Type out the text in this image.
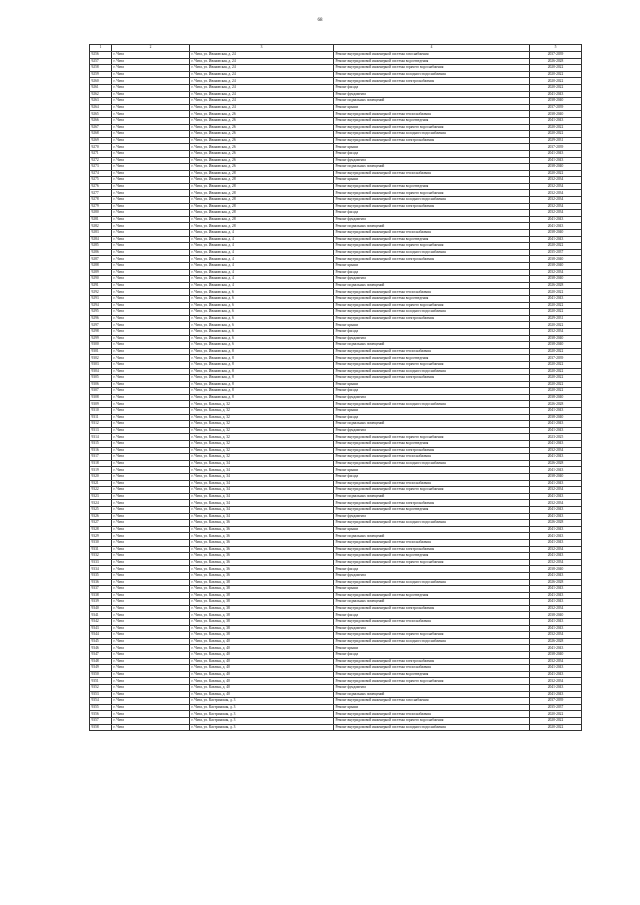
68
1	2	3	4	5
9256	г. Чита	г. Чита, ул. Ивановская, д. 24	Ремонт внутридомовой инженерной системы газоснабжения	2037-2039
9257	г. Чита	г. Чита, ул. Ивановская, д. 24	Ремонт внутридомовой инженерной системы водоотведения	2026-2028
9258	г. Чита	г. Чита, ул. Ивановская, д. 24	Ремонт внутридомовой инженерной системы горячего водоснабжения	2020-2022
9259	г. Чита	г. Чита, ул. Ивановская, д. 24	Ремонт внутридомовой инженерной системы холодного водоснабжения	2020-2022
9260	г. Чита	г. Чита, ул. Ивановская, д. 24	Ремонт внутридомовой инженерной системы электроснабжения	2020-2022
9261	г. Чита	г. Чита, ул. Ивановская, д. 24	Ремонт фасада	2020-2022
9262	г. Чита	г. Чита, ул. Ивановская, д. 24	Ремонт фундамента	2041-2043
9263	г. Чита	г. Чита, ул. Ивановская, д. 24	Ремонт подвальных помещений	2038-2040
9264	г. Чита	г. Чита, ул. Ивановская, д. 24	Ремонт крыши	2037-2039
9265	г. Чита	г. Чита, ул. Ивановская, д. 26	Ремонт внутридомовой инженерной системы теплоснабжения	2038-2040
9266	г. Чита	г. Чита, ул. Ивановская, д. 26	Ремонт внутридомовой инженерной системы водоотведения	2041-2043
9267	г. Чита	г. Чита, ул. Ивановская, д. 26	Ремонт внутридомовой инженерной системы горячего водоснабжения	2020-2022
9268	г. Чита	г. Чита, ул. Ивановская, д. 26	Ремонт внутридомовой инженерной системы холодного водоснабжения	2020-2022
9269	г. Чита	г. Чита, ул. Ивановская, д. 26	Ремонт внутридомовой инженерной системы электроснабжения	2029-2031
9270	г. Чита	г. Чита, ул. Ивановская, д. 26	Ремонт крыши	2037-2039
9271	г. Чита	г. Чита, ул. Ивановская, д. 26	Ремонт фасада	2041-2043
9272	г. Чита	г. Чита, ул. Ивановская, д. 26	Ремонт фундамента	2041-2043
9273	г. Чита	г. Чита, ул. Ивановская, д. 26	Ремонт подвальных помещений	2038-2040
9274	г. Чита	г. Чита, ул. Ивановская, д. 28	Ремонт внутридомовой инженерной системы теплоснабжения	2020-2022
9275	г. Чита	г. Чита, ул. Ивановская, д. 28	Ремонт крыши	2032-2034
9276	г. Чита	г. Чита, ул. Ивановская, д. 28	Ремонт внутридомовой инженерной системы водоотведения	2032-2034
9277	г. Чита	г. Чита, ул. Ивановская, д. 28	Ремонт внутридомовой инженерной системы горячего водоснабжения	2032-2034
9278	г. Чита	г. Чита, ул. Ивановская, д. 28	Ремонт внутридомовой инженерной системы холодного водоснабжения	2032-2034
9279	г. Чита	г. Чита, ул. Ивановская, д. 28	Ремонт внутридомовой инженерной системы электроснабжения	2032-2034
9280	г. Чита	г. Чита, ул. Ивановская, д. 28	Ремонт фасада	2032-2034
9281	г. Чита	г. Чита, ул. Ивановская, д. 28	Ремонт фундамента	2041-2043
9282	г. Чита	г. Чита, ул. Ивановская, д. 28	Ремонт подвальных помещений	2041-2043
9283	г. Чита	г. Чита, ул. Ивановская, д. 4	Ремонт внутридомовой инженерной системы теплоснабжения	2038-2040
9284	г. Чита	г. Чита, ул. Ивановская, д. 4	Ремонт внутридомовой инженерной системы водоотведения	2041-2043
9285	г. Чита	г. Чита, ул. Ивановская, д. 4	Ремонт внутридомовой инженерной системы горячего водоснабжения	2020-2022
9286	г. Чита	г. Чита, ул. Ивановская, д. 4	Ремонт внутридомовой инженерной системы холодного водоснабжения	2035-2037
9287	г. Чита	г. Чита, ул. Ивановская, д. 4	Ремонт внутридомовой инженерной системы электроснабжения	2038-2040
9288	г. Чита	г. Чита, ул. Ивановская, д. 4	Ремонт крыши	2038-2040
9289	г. Чита	г. Чита, ул. Ивановская, д. 4	Ремонт фасада	2032-2034
9290	г. Чита	г. Чита, ул. Ивановская, д. 4	Ремонт фундамента	2038-2040
9291	г. Чита	г. Чита, ул. Ивановская, д. 4	Ремонт подвальных помещений	2026-2028
9292	г. Чита	г. Чита, ул. Ивановская, д. 6	Ремонт внутридомовой инженерной системы теплоснабжения	2020-2022
9293	г. Чита	г. Чита, ул. Ивановская, д. 6	Ремонт внутридомовой инженерной системы водоотведения	2041-2043
9294	г. Чита	г. Чита, ул. Ивановская, д. 6	Ремонт внутридомовой инженерной системы горячего водоснабжения	2020-2022
9295	г. Чита	г. Чита, ул. Ивановская, д. 6	Ремонт внутридомовой инженерной системы холодного водоснабжения	2020-2022
9296	г. Чита	г. Чита, ул. Ивановская, д. 6	Ремонт внутридомовой инженерной системы электроснабжения	2029-2031
9297	г. Чита	г. Чита, ул. Ивановская, д. 6	Ремонт крыши	2020-2022
9298	г. Чита	г. Чита, ул. Ивановская, д. 6	Ремонт фасада	2032-2034
9299	г. Чита	г. Чита, ул. Ивановская, д. 6	Ремонт фундамента	2038-2040
9300	г. Чита	г. Чита, ул. Ивановская, д. 6	Ремонт подвальных помещений	2038-2040
9301	г. Чита	г. Чита, ул. Ивановская, д. 8	Ремонт внутридомовой инженерной системы теплоснабжения	2020-2022
9302	г. Чита	г. Чита, ул. Ивановская, д. 8	Ремонт внутридомовой инженерной системы водоотведения	2037-2039
9303	г. Чита	г. Чита, ул. Ивановская, д. 8	Ремонт внутридомовой инженерной системы горячего водоснабжения	2020-2022
9304	г. Чита	г. Чита, ул. Ивановская, д. 8	Ремонт внутридомовой инженерной системы холодного водоснабжения	2020-2022
9305	г. Чита	г. Чита, ул. Ивановская, д. 8	Ремонт внутридомовой инженерной системы электроснабжения	2020-2022
9306	г. Чита	г. Чита, ул. Ивановская, д. 8	Ремонт крыши	2020-2022
9307	г. Чита	г. Чита, ул. Ивановская, д. 8	Ремонт фасада	2020-2022
9308	г. Чита	г. Чита, ул. Ивановская, д. 8	Ремонт фундамента	2038-2040
9309	г. Чита	г. Чита, ул. Казачья, д. 32	Ремонт внутридомовой инженерной системы холодного водоснабжения	2026-2028
9310	г. Чита	г. Чита, ул. Казачья, д. 32	Ремонт крыши	2041-2043
9311	г. Чита	г. Чита, ул. Казачья, д. 32	Ремонт фасада	2038-2040
9312	г. Чита	г. Чита, ул. Казачья, д. 32	Ремонт подвальных помещений	2041-2043
9313	г. Чита	г. Чита, ул. Казачья, д. 32	Ремонт фундамента	2041-2043
9314	г. Чита	г. Чита, ул. Казачья, д. 32	Ремонт внутридомовой инженерной системы горячего водоснабжения	2023-2025
9315	г. Чита	г. Чита, ул. Казачья, д. 32	Ремонт внутридомовой инженерной системы водоотведения	2041-2043
9316	г. Чита	г. Чита, ул. Казачья, д. 32	Ремонт внутридомовой инженерной системы электроснабжения	2032-2034
9317	г. Чита	г. Чита, ул. Казачья, д. 32	Ремонт внутридомовой инженерной системы теплоснабжения	2041-2043
9318	г. Чита	г. Чита, ул. Казачья, д. 34	Ремонт внутридомовой инженерной системы холодного водоснабжения	2026-2028
9319	г. Чита	г. Чита, ул. Казачья, д. 34	Ремонт крыши	2041-2043
9320	г. Чита	г. Чита, ул. Казачья, д. 34	Ремонт фасада	2038-2040
9321	г. Чита	г. Чита, ул. Казачья, д. 34	Ремонт внутридомовой инженерной системы теплоснабжения	2041-2043
9322	г. Чита	г. Чита, ул. Казачья, д. 34	Ремонт внутридомовой инженерной системы горячего водоснабжения	2032-2034
9323	г. Чита	г. Чита, ул. Казачья, д. 34	Ремонт подвальных помещений	2041-2043
9324	г. Чита	г. Чита, ул. Казачья, д. 34	Ремонт внутридомовой инженерной системы электроснабжения	2032-2034
9325	г. Чита	г. Чита, ул. Казачья, д. 34	Ремонт внутридомовой инженерной системы водоотведения	2041-2043
9326	г. Чита	г. Чита, ул. Казачья, д. 34	Ремонт фундамента	2041-2043
9327	г. Чита	г. Чита, ул. Казачья, д. 36	Ремонт внутридомовой инженерной системы холодного водоснабжения	2026-2028
9328	г. Чита	г. Чита, ул. Казачья, д. 36	Ремонт крыши	2041-2043
9329	г. Чита	г. Чита, ул. Казачья, д. 36	Ремонт подвальных помещений	2041-2043
9330	г. Чита	г. Чита, ул. Казачья, д. 36	Ремонт внутридомовой инженерной системы теплоснабжения	2041-2043
9331	г. Чита	г. Чита, ул. Казачья, д. 36	Ремонт внутридомовой инженерной системы электроснабжения	2032-2034
9332	г. Чита	г. Чита, ул. Казачья, д. 36	Ремонт внутридомовой инженерной системы водоотведения	2041-2043
9333	г. Чита	г. Чита, ул. Казачья, д. 36	Ремонт внутридомовой инженерной системы горячего водоснабжения	2032-2034
9334	г. Чита	г. Чита, ул. Казачья, д. 36	Ремонт фасада	2038-2040
9335	г. Чита	г. Чита, ул. Казачья, д. 36	Ремонт фундамента	2041-2043
9336	г. Чита	г. Чита, ул. Казачья, д. 38	Ремонт внутридомовой инженерной системы холодного водоснабжения	2026-2028
9337	г. Чита	г. Чита, ул. Казачья, д. 38	Ремонт крыши	2041-2043
9338	г. Чита	г. Чита, ул. Казачья, д. 38	Ремонт внутридомовой инженерной системы водоотведения	2041-2043
9339	г. Чита	г. Чита, ул. Казачья, д. 38	Ремонт подвальных помещений	2041-2043
9340	г. Чита	г. Чита, ул. Казачья, д. 38	Ремонт внутридомовой инженерной системы электроснабжения	2032-2034
9341	г. Чита	г. Чита, ул. Казачья, д. 38	Ремонт фасада	2038-2040
9342	г. Чита	г. Чита, ул. Казачья, д. 38	Ремонт внутридомовой инженерной системы теплоснабжения	2041-2043
9343	г. Чита	г. Чита, ул. Казачья, д. 38	Ремонт фундамента	2041-2043
9344	г. Чита	г. Чита, ул. Казачья, д. 38	Ремонт внутридомовой инженерной системы горячего водоснабжения	2032-2034
9345	г. Чита	г. Чита, ул. Казачья, д. 40	Ремонт внутридомовой инженерной системы холодного водоснабжения	2026-2028
9346	г. Чита	г. Чита, ул. Казачья, д. 40	Ремонт крыши	2041-2043
9347	г. Чита	г. Чита, ул. Казачья, д. 40	Ремонт фасада	2038-2040
9348	г. Чита	г. Чита, ул. Казачья, д. 40	Ремонт внутридомовой инженерной системы электроснабжения	2032-2034
9349	г. Чита	г. Чита, ул. Казачья, д. 40	Ремонт внутридомовой инженерной системы теплоснабжения	2041-2043
9350	г. Чита	г. Чита, ул. Казачья, д. 40	Ремонт внутридомовой инженерной системы водоотведения	2041-2043
9351	г. Чита	г. Чита, ул. Казачья, д. 40	Ремонт внутридомовой инженерной системы горячего водоснабжения	2032-2034
9352	г. Чита	г. Чита, ул. Казачья, д. 40	Ремонт фундамента	2041-2043
9353	г. Чита	г. Чита, ул. Казачья, д. 40	Ремонт подвальных помещений	2041-2043
9354	г. Чита	г. Чита, ул. Кастринская, д. 3	Ремонт внутридомовой инженерной системы газоснабжения	2037-2039
9355	г. Чита	г. Чита, ул. Кастринская, д. 3	Ремонт крыши	2035-2037
9356	г. Чита	г. Чита, ул. Кастринская, д. 3	Ремонт внутридомовой инженерной системы теплоснабжения	2020-2022
9357	г. Чита	г. Чита, ул. Кастринская, д. 3	Ремонт внутридомовой инженерной системы горячего водоснабжения	2020-2022
9358	г. Чита	г. Чита, ул. Кастринская, д. 3	Ремонт внутридомовой инженерной системы холодного водоснабжения	2020-2022
